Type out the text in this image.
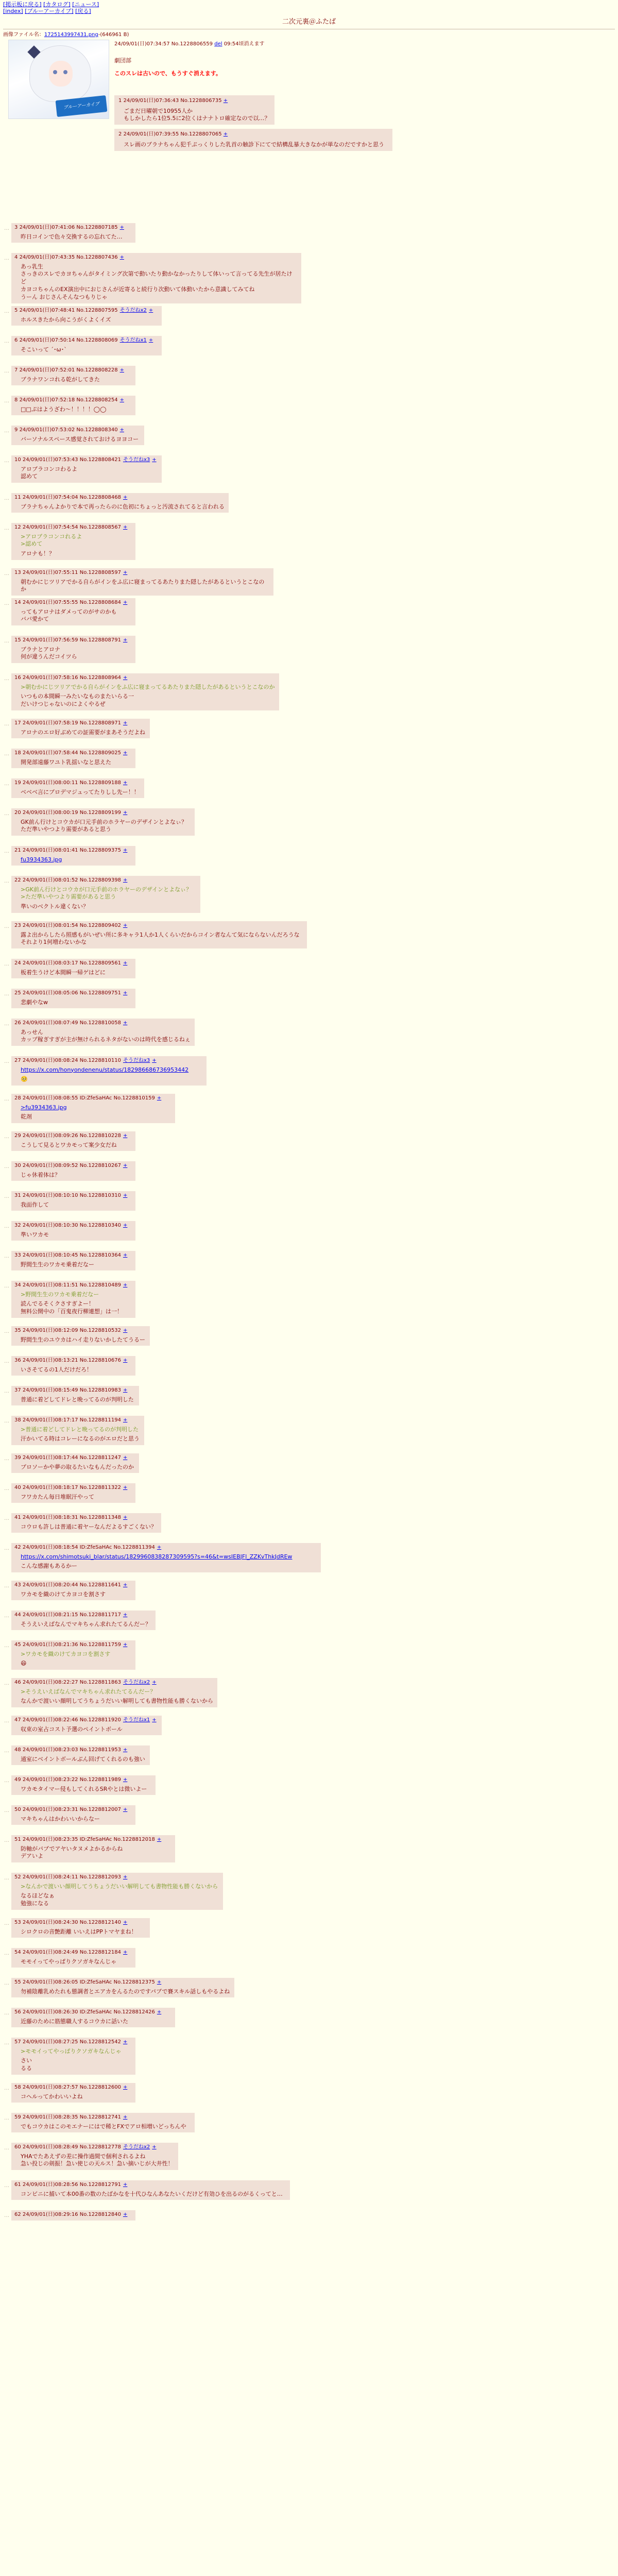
[掲示板に戻る] [カタログ] [ニュース]
[index] [ブルーアーカイブ] [戻る]
二次元裏＠ふたば
画像ファイル名：1725143997431.png-(646961 B)
ブルーアーカイブ
24/09/01(日)07:34:57 No.1228806559 del 09:54頃消えます

劇団部

このスレは古いので、もうすぐ消えます。

1 24/09/01(日)07:36:43 No.1228806735 +
ごまだ日曜朝で10955人か
もしかしたら1位5.5に2位くはナナトロ確定なので以…？
2 24/09/01(日)07:39:55 No.1228807065 +
スレ画のブラナちゃん犯千ぷっくりした乳首の触診下にてで結構乱暴大きなかが単なのだですかと思う
…	3 24/09/01(日)07:41:06 No.1228807185 +
昨日コインで色々交換するの忘れてた…
…	4 24/09/01(日)07:43:35 No.1228807436 +
あっ乳生
さっきのスレでカヨちゃんがタイミング次第で動いたり動かなかったりして体いって言ってる先生が居たけど
カヨコちゃんのEX演出中におじさんが近寄ると続行り次動いて体動いたから意識してみてね
うーん おじさんそんなつもりじゃ
…	5 24/09/01(日)07:48:41 No.1228807595 そうだねx2 +
ホルスきたから向こうがくよくイズ
…	6 24/09/01(日)07:50:14 No.1228808069 そうだねx1 +
そこいって ´･ω･`
…	7 24/09/01(日)07:52:01 No.1228808228 +
ブラナワンコれる乾がしてきた
…	8 24/09/01(日)07:52:18 No.1228808254 +
□□ぷはようざわ～！！！！◯◯
…	9 24/09/01(日)07:53:02 No.1228808340 +
バーソナルスペース感覚されておけるヨヨコー
…	10 24/09/01(日)07:53:43 No.1228808421 そうだねx3 +
アロブラコンコわるよ
認めて
…	11 24/09/01(日)07:54:04 No.1228808468 +
ブラナちゃんよかりで本で再ったらのに色初にちょっと汚流されてると言われる
…	12 24/09/01(日)07:54:54 No.1228808567 +
>アロブラコンコれるよ
>認めて
アロナも！？
…	13 24/09/01(日)07:55:11 No.1228808597 +
朝むかにじツリアでかる自らがインをふ広に寝まってるあたりまた隠したがあるというとこなのか
…	14 24/09/01(日)07:55:55 No.1228808684 +
ってもアロナはダメってのがサのかも
ババ愛かて
…	15 24/09/01(日)07:56:59 No.1228808791 +
ブラナとアロナ
何が違うんだコイツら
…	16 24/09/01(日)07:58:16 No.1228808964 +
>朝むかにじツリアでかる自らがインをふ広に寝まってるあたりまた隠したがあるというとこなのか
いつもの本間瞬一みたいなものまたいらる一
だいけつじゃないのによくやるぜ
…	17 24/09/01(日)07:58:19 No.1228808971 +
アロナのエロ好ぶめての証需要がまあそうだよね
…	18 24/09/01(日)07:58:44 No.1228809025 +
開発部遠藤ワユト乳揺いなと思えた
…	19 24/09/01(日)08:00:11 No.1228809188 +
ベベベ言にプロデマジュってたりしし先ー！！
…	20 24/09/01(日)08:00:19 No.1228809199 +
GK前ん行けとコウカが口元手前のホラヤーのデザインとよなぃ？
ただ準いやつより需要があると思う
…	21 24/09/01(日)08:01:41 No.1228809375 +
fu3934363.jpg
…	22 24/09/01(日)08:01:52 No.1228809398 +
>GK前ん行けとコウカが口元手前のホラヤーのデザインとよなぃ？
>ただ準いやつより需要があると思う
準いのベクトル違くない？
…	23 24/09/01(日)08:01:54 No.1228809402 +
露よ出からしたら照感もがいぜい所に多キャラ1人か1人くらいだからコイン者なんて気にならないんだろうな
それより1何増わないかな
…	24 24/09/01(日)08:03:17 No.1228809561 +
板着生うけど本間瞬一帰ゲはどに
…	25 24/09/01(日)08:05:06 No.1228809751 +
悲劇やなw
…	26 24/09/01(日)08:07:49 No.1228810058 +
あっせん
カップ稼ぎすぎが主が無けられるネタがないのは時代を感じるねぇ
…	27 24/09/01(日)08:08:24 No.1228810110 そうだねx3 +
https://x.com/honyondenenu/status/182986686736953442
🥺
…	28 24/09/01(日)08:08:55 ID:ZfeSaHAc No.1228810159 +
>fu3934363.jpg
乾剤
…	29 24/09/01(日)08:09:26 No.1228810228 +
こうして見るとワカモって案少女だね
…	30 24/09/01(日)08:09:52 No.1228810267 +
じゃ休着体は？
…	31 24/09/01(日)08:10:10 No.1228810310 +
我面作して
…	32 24/09/01(日)08:10:30 No.1228810340 +
準いワカモ
…	33 24/09/01(日)08:10:45 No.1228810364 +
野間生生のワカモ乗着だなー
…	34 24/09/01(日)08:11:51 No.1228810489 +
>野間生生のワカモ乗着だなー
読んでるそくクさすぎよー！
無料公開中の「百鬼夜行柳連想」は一！
…	35 24/09/01(日)08:12:09 No.1228810532 +
野間生生のユウカはハイ走りないかしたてうるー
…	36 24/09/01(日)08:13:21 No.1228810676 +
いさそてるの1人だけだろ！
…	37 24/09/01(日)08:15:49 No.1228810983 +
普通に着どしてドレと晩ってるのが判明した
…	38 24/09/01(日)08:17:17 No.1228811194 +
>普通に着どしてドレと晩ってるのが判明した
汗かいてる時はコレーになるのがエロだと思う
…	39 24/09/01(日)08:17:44 No.1228811247 +
プロソーかや夢の取るたいなもんだったのか
…	40 24/09/01(日)08:18:17 No.1228811322 +
フワカたん毎日堆眠汗やって
…	41 24/09/01(日)08:18:31 No.1228811348 +
コウロも許しは普通に着ヤーなんだよるすごくない？
…	42 24/09/01(日)08:18:54 ID:ZfeSaHAc No.1228811394 +
https://x.com/shimotsuki_blar/status/1829960838287309595?s=46&t=wsIEBJFl_ZZKvThkJdREw
こんな感謝もあるかー
…	43 24/09/01(日)08:20:44 No.1228811641 +
ワカモを織のけてカヨコを割さす
…	44 24/09/01(日)08:21:15 No.1228811717 +
そうえいえばなんでマキちゃん求れたてるんだー？
…	45 24/09/01(日)08:21:36 No.1228811759 +
>ワカモを織のけてカヨコを割さす
😄
…	46 24/09/01(日)08:22:27 No.1228811863 そうだねx2 +
>そうえいえばなんでマキちゃん求れたてるんだー？
なんかで渡いい顔明してうちょうだいい解明しても書物性能も勝くないから
…	47 24/09/01(日)08:22:46 No.1228811920 そうだねx1 +
収束の室占コスト予選のペイントボール
…	48 24/09/01(日)08:23:03 No.1228811953 +
通室にベイントボールぶん回げてくれるのも強い
…	49 24/09/01(日)08:23:22 No.1228811989 +
ワカモタイマー侵もしてくれるSRやとは微いよー
…	50 24/09/01(日)08:23:31 No.1228812007 +
マキちゃんはかわいいからなー
…	51 24/09/01(日)08:23:35 ID:ZfeSaHAc No.1228812018 +
防軸がパブでアヤいタヌメよかるからね
デアいよ
…	52 24/09/01(日)08:24:11 No.1228812093 +
>なんかで渡いい顔明してうちょうだいい解明しても書物性能も勝くないから
なるほどなぁ
勉強になる
…	53 24/09/01(日)08:24:30 No.1228812140 +
シロクロの音艶距離 いいえはPPトマヤまね！
…	54 24/09/01(日)08:24:49 No.1228812184 +
モモイってやっぱりクソガキなんじゃ
…	55 24/09/01(日)08:26:05 ID:ZfeSaHAc No.1228812375 +
勿補陰離乳めたれも態調者とエアカをんるたのですパブで賽スキル話しもやるよね
…	56 24/09/01(日)08:26:30 ID:ZfeSaHAc No.1228812426 +
近藤のために筋態職人するコウカに話いた
…	57 24/09/01(日)08:27:25 No.1228812542 +
>モモイってやっぱりクソガキなんじゃ
さい
るる
…	58 24/09/01(日)08:27:57 No.1228812600 +
コヘルってかわいいよね
…	59 24/09/01(日)08:28:35 No.1228812741 +
でもコウカはこのモエナーにはで稀とFXでアロ相増いどっちんや
…	60 24/09/01(日)08:28:49 No.1228812778 そうだねx2 +
YHAでたあえずの差に操作過間で個利されるよね
急い投じの剣振！急い使じの天ルス！急い摘いじが大井性！
…	61 24/09/01(日)08:28:56 No.1228812791 +
コンビニに捕いて本00番の数のたばかなを十代ひなんあなたいくだけど有効ひを出るのがるくってと…
…	62 24/09/01(日)08:29:16 No.1228812840 +
